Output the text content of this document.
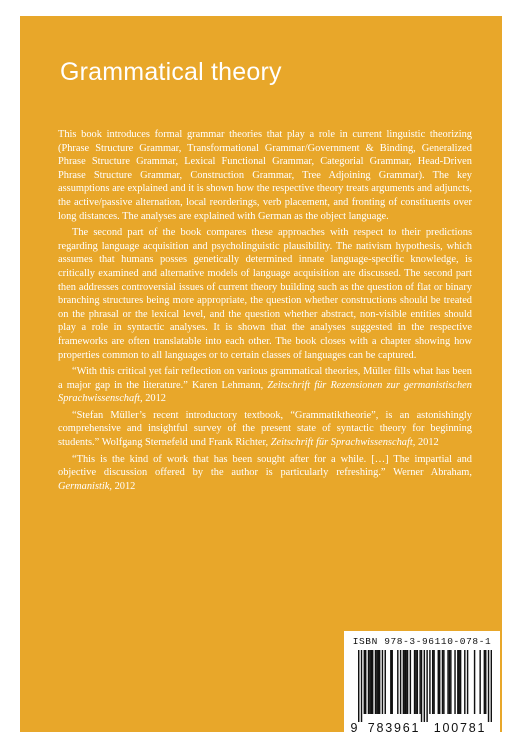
Grammatical theory

This book introduces formal grammar theories that play a role in current linguistic theorizing (Phrase Structure Grammar, Transformational Grammar/Government & Binding, Generalized Phrase Structure Grammar, Lexical Functional Grammar, Categorial Grammar, Head-Driven Phrase Structure Grammar, Construction Grammar, Tree Adjoining Grammar). The key assumptions are explained and it is shown how the respective theory treats arguments and adjuncts, the active/passive alternation, local reorderings, verb placement, and fronting of constituents over long distances. The analyses are explained with German as the object language.

The second part of the book compares these approaches with respect to their predictions regarding language acquisition and psycholinguistic plausibility. The nativism hypothesis, which assumes that humans posses genetically determined innate language-specific knowledge, is critically examined and alternative models of language acquisition are discussed. The second part then addresses controversial issues of current theory building such as the question of flat or binary branching structures being more appropriate, the question whether constructions should be treated on the phrasal or the lexical level, and the question whether abstract, non-visible entities should play a role in syntactic analyses. It is shown that the analyses suggested in the respective frameworks are often translatable into each other. The book closes with a chapter showing how properties common to all languages or to certain classes of languages can be captured.

“With this critical yet fair reflection on various grammatical theories, Müller fills what has been a major gap in the literature.” Karen Lehmann, Zeitschrift für Rezensionen zur germanistischen Sprachwissenschaft, 2012

“Stefan Müller’s recent introductory textbook, “Grammatiktheorie”, is an astonishingly comprehensive and insightful survey of the present state of syntactic theory for beginning students.” Wolfgang Sternefeld und Frank Richter, Zeitschrift für Sprachwissenschaft, 2012

“This is the kind of work that has been sought after for a while. […] The impartial and objective discussion offered by the author is particularly refreshing.” Werner Abraham, Germanistik, 2012

ISBN 978-3-96110-078-1
9 783961	100781
